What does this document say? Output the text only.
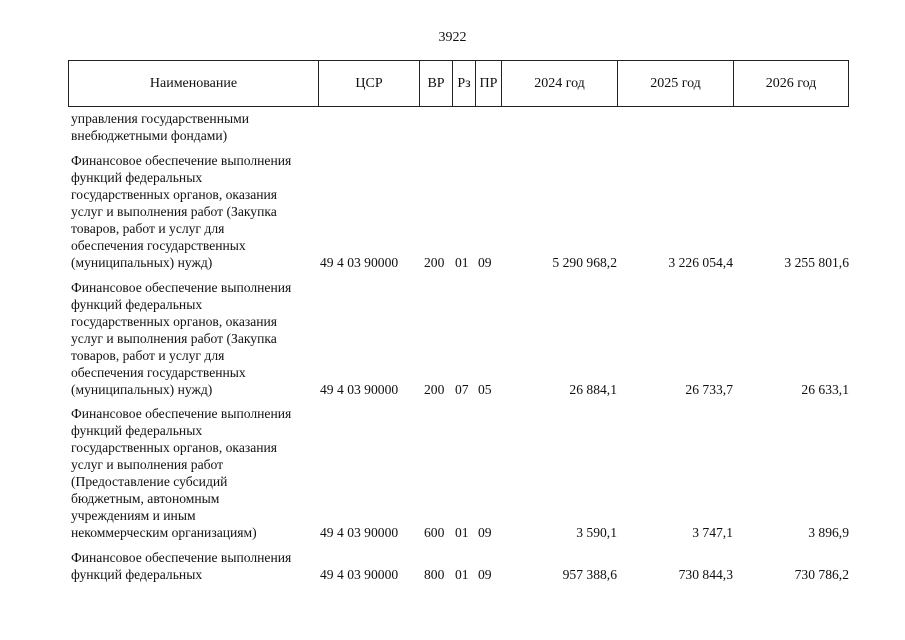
3922
Наименование	ЦСР	ВР Рз ПР	2024 год	2025 год	2026 год
управления государственными
внебюджетными фондами)
Финансовое обеспечение выполнения
функций федеральных
государственных органов, оказания
услуг и выполнения работ (Закупка
товаров, работ и услуг для
обеспечения государственных
(муниципальных) нужд)	49 4 03 90000 200 01 09	5 290 968,2	3 226 054,4	3 255 801,6
Финансовое обеспечение выполнения
функций федеральных
государственных органов, оказания
услуг и выполнения работ (Закупка
товаров, работ и услуг для
обеспечения государственных
(муниципальных) нужд)	49 4 03 90000 200 07 05	26 884,1	26 733,7	26 633,1
Финансовое обеспечение выполнения
функций федеральных
государственных органов, оказания
услуг и выполнения работ
(Предоставление субсидий
бюджетным, автономным
учреждениям и иным
некоммерческим организациям)	49 4 03 90000 600 01 09	3 590,1	3 747,1	3 896,9
Финансовое обеспечение выполнения
функций федеральных	49 4 03 90000 800 01 09	957 388,6	730 844,3	730 786,2
